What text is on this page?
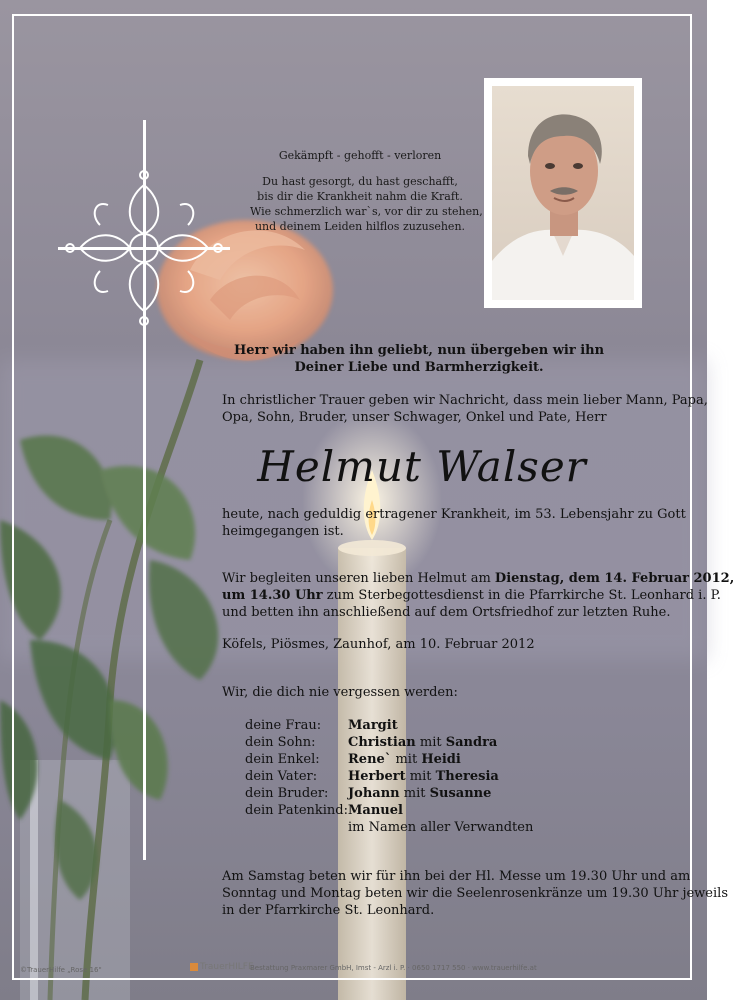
Gekämpft - gehofft - verloren
Du hast gesorgt, du hast geschafft,
bis dir die Krankheit nahm die Kraft.
Wie schmerzlich war`s, vor dir zu stehen,
und deinem Leiden hilflos zuzusehen.
Herr wir haben ihn geliebt, nun übergeben wir ihn
Deiner Liebe und Barmherzigkeit.
In christlicher Trauer geben wir Nachricht, dass mein lieber Mann, Papa,
Opa, Sohn, Bruder, unser Schwager, Onkel und Pate, Herr
Helmut Walser
heute, nach geduldig ertragener Krankheit, im 53. Lebensjahr zu Gott
heimgegangen ist.
Wir begleiten unseren lieben Helmut am Dienstag, dem 14. Februar 2012,
um 14.30 Uhr zum Sterbegottesdienst in die Pfarrkirche St. Leonhard i. P.
und betten ihn anschließend auf dem Ortsfriedhof zur letzten Ruhe.
Köfels, Piösmes, Zaunhof, am 10. Februar 2012
Wir, die dich nie vergessen werden:
deine Frau:	Margit
dein Sohn:	Christian mit Sandra
dein Enkel:	Rene` mit Heidi
dein Vater:	Herbert mit Theresia
dein Bruder:	Johann mit Susanne
dein Patenkind:	Manuel
	im Namen aller Verwandten
Am Samstag beten wir für ihn bei der Hl. Messe um 19.30 Uhr und am
Sonntag und Montag beten wir die Seelenrosenkränze um 19.30 Uhr jeweils
in der Pfarrkirche St. Leonhard.
©TrauerHilfe „Rose 16"	TrauerHILFE
Bestattung Praxmarer GmbH, Imst - Arzl i. P. · 0650 1717 550 · www.trauerhilfe.at
